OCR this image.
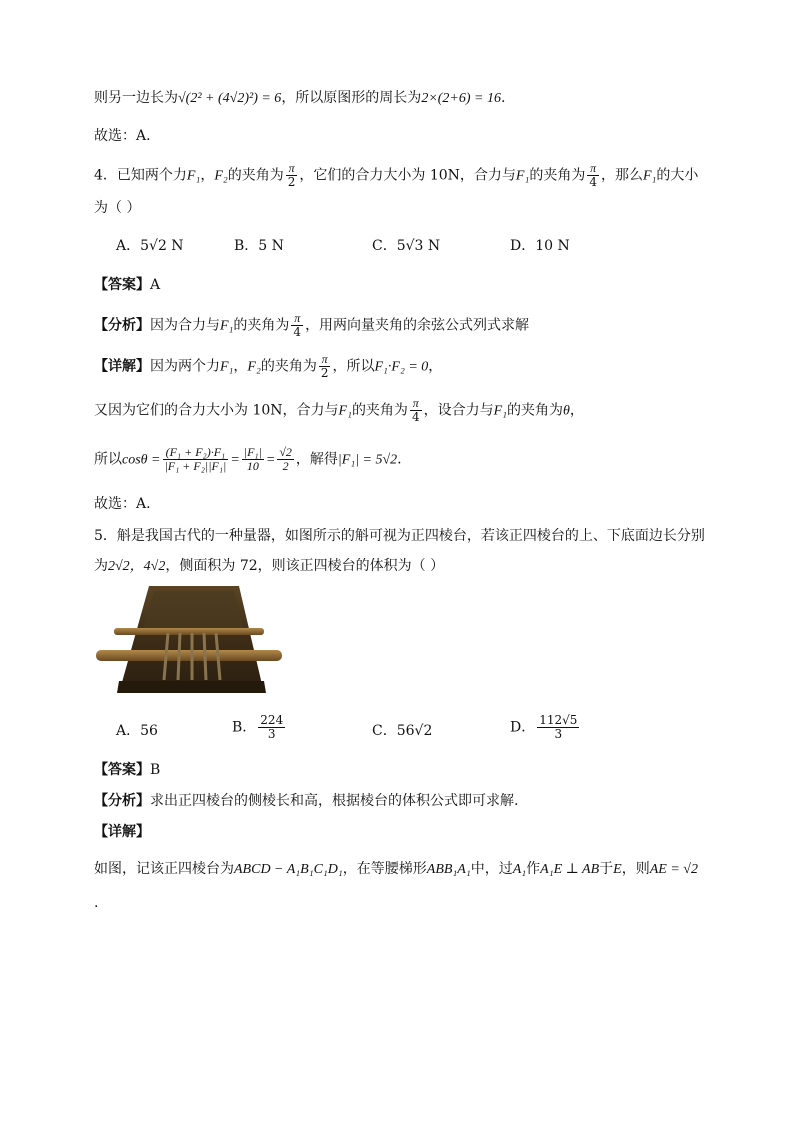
则另一边长为√(2² + (4√2)²) = 6，所以原图形的周长为2×(2+6) = 16.
故选：A.
4．已知两个力F₁，F₂的夹角为 $\frac{\pi}{2}$ ，它们的合力大小为 10N，合力与F₁的夹角为 $\frac{\pi}{4}$ ，那么F₁的大小
为（ ）
A．5√2 N	B．5 N	C．5√3 N	D．10 N
【答案】A
【分析】因为合力与F₁的夹角为 $\frac{\pi}{4}$ ，用两向量夹角的余弦公式列式求解
【详解】因为两个力F₁，F₂的夹角为 $\frac{\pi}{2}$ ，所以F₁·F₂ = 0，
又因为它们的合力大小为 10N，合力与F₁的夹角为 $\frac{\pi}{4}$ ，设合力与F₁的夹角为θ，
所以$\cos\theta = \frac{\text{(F₁ + F₂)·F₁}}{\text{|F₁ + F₂||F₁|}} = \frac{\text{|F₁|}}{10} = \frac{√2}{2}$ ，解得|F₁| = 5√2.
故选：A.
5．斛是我国古代的一种量器，如图所示的斛可视为正四棱台，若该正四棱台的上、下底面边长分别
为2√2，4√2，侧面积为 72，则该正四棱台的体积为（ ）
A．56	B． $\frac{224}{3}$	C．56√2	D． $\frac{112√5}{3}$
【答案】B
【分析】求出正四棱台的侧棱长和高，根据棱台的体积公式即可求解.
【详解】
如图，记该正四棱台为ABCD − A₁B₁C₁D₁，在等腰梯形ABB₁A₁中，过A₁作A₁E ⊥ AB于E，则AE = √2
.
